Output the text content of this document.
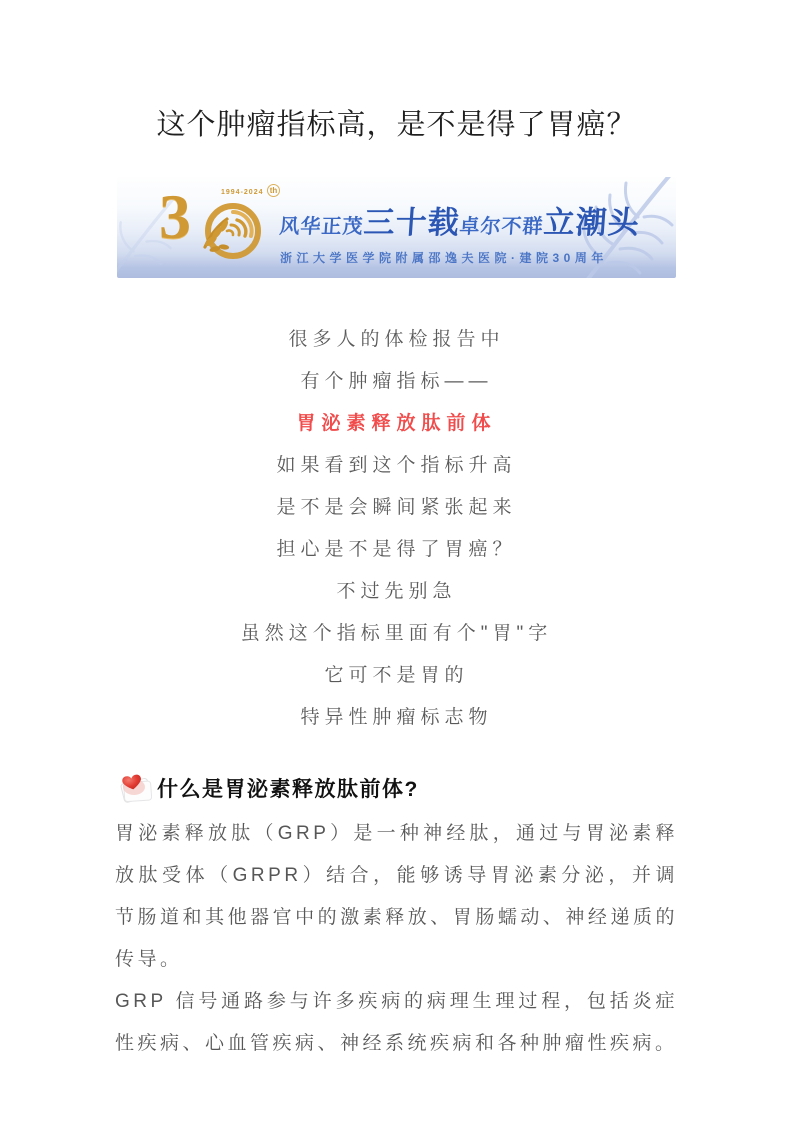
这个肿瘤指标高，是不是得了胃癌？
3	1994-2024 th
风华正茂
三十载
卓尔不群
立潮头
浙江大学医学院附属邵逸夫医院·建院30周年
很多人的体检报告中
有个肿瘤指标——
胃泌素释放肽前体
如果看到这个指标升高
是不是会瞬间紧张起来
担心是不是得了胃癌？
不过先别急
虽然这个指标里面有个"胃"字
它可不是胃的
特异性肿瘤标志物
什么是胃泌素释放肽前体?

胃泌素释放肽（GRP）是一种神经肽，通过与胃泌素释放肽受体（GRPR）结合，能够诱导胃泌素分泌，并调节肠道和其他器官中的激素释放、胃肠蠕动、神经递质的传导。

GRP 信号通路参与许多疾病的病理生理过程，包括炎症性疾病、心血管疾病、神经系统疾病和各种肿瘤性疾病。
